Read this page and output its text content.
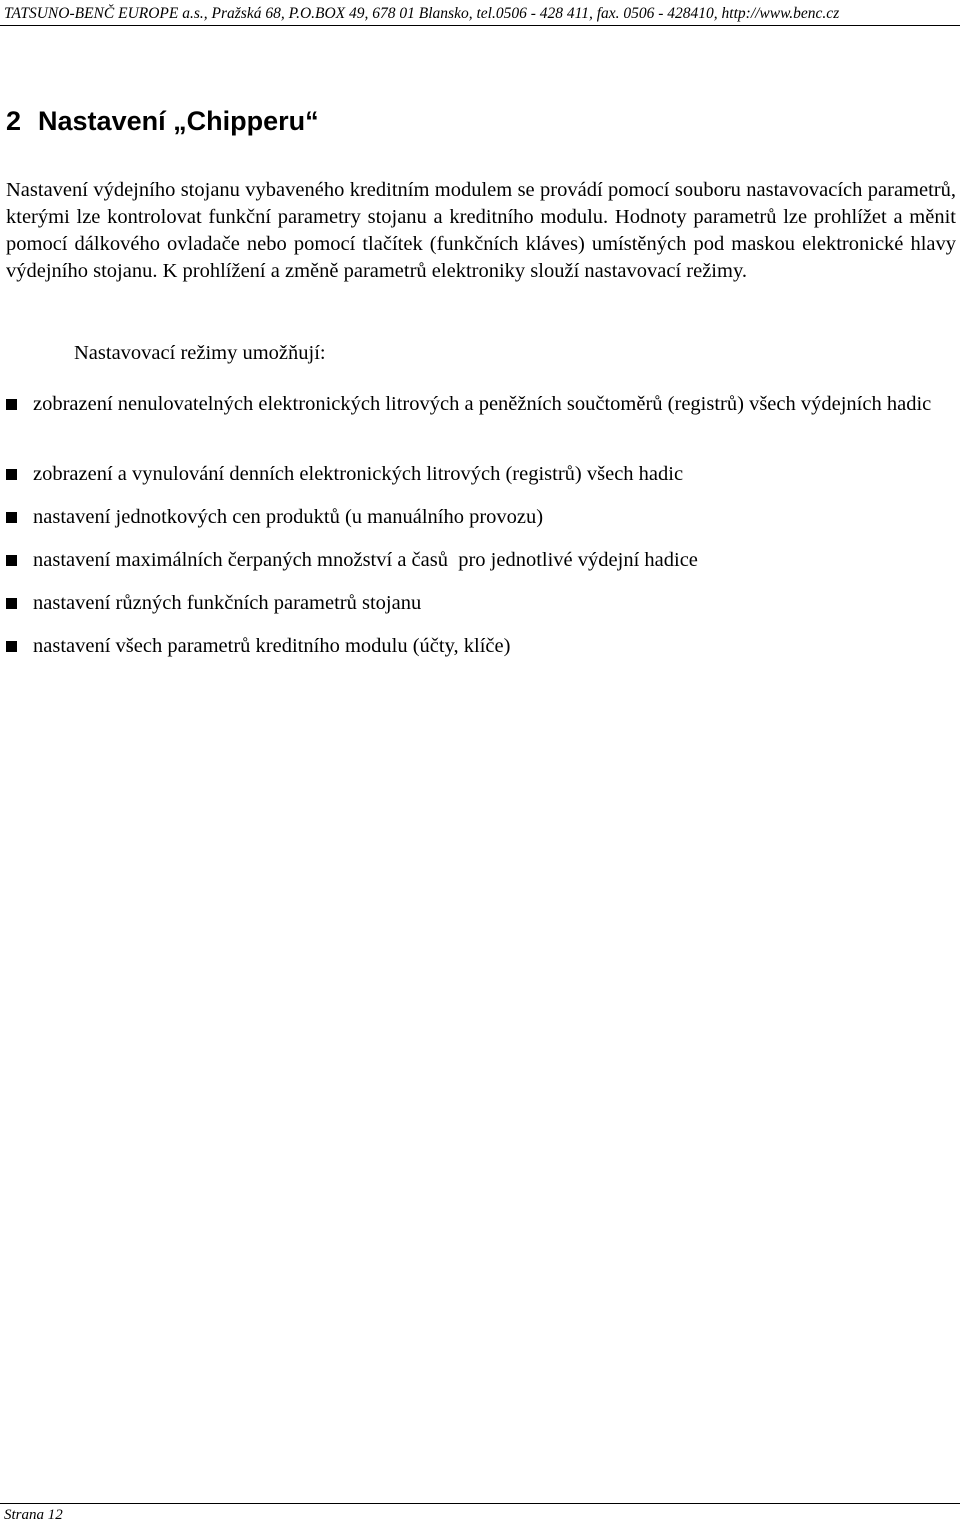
TATSUNO-BENČ EUROPE a.s., Pražská 68, P.O.BOX 49, 678 01 Blansko, tel.0506 - 428 411, fax. 0506 - 428410, http://www.benc.cz
2 Nastavení „Chipperu“

Nastavení výdejního stojanu vybaveného kreditním modulem se provádí pomocí souboru nastavovacích parametrů, kterými lze kontrolovat funkční parametry stojanu a kreditního modulu. Hodnoty parametrů lze prohlížet a měnit pomocí dálkového ovladače nebo pomocí tlačítek (funkčních kláves) umístěných pod maskou elektronické hlavy výdejního stojanu. K prohlížení a změně parametrů elektroniky slouží nastavovací režimy.

Nastavovací režimy umožňují:

zobrazení nenulovatelných elektronických litrových a peněžních součtoměrů (registrů) všech výdejních hadic
zobrazení a vynulování denních elektronických litrových (registrů) všech hadic
nastavení jednotkových cen produktů (u manuálního provozu)
nastavení maximálních čerpaných množství a časů  pro jednotlivé výdejní hadice
nastavení různých funkčních parametrů stojanu
nastavení všech parametrů kreditního modulu (účty, klíče)
Strana 12
